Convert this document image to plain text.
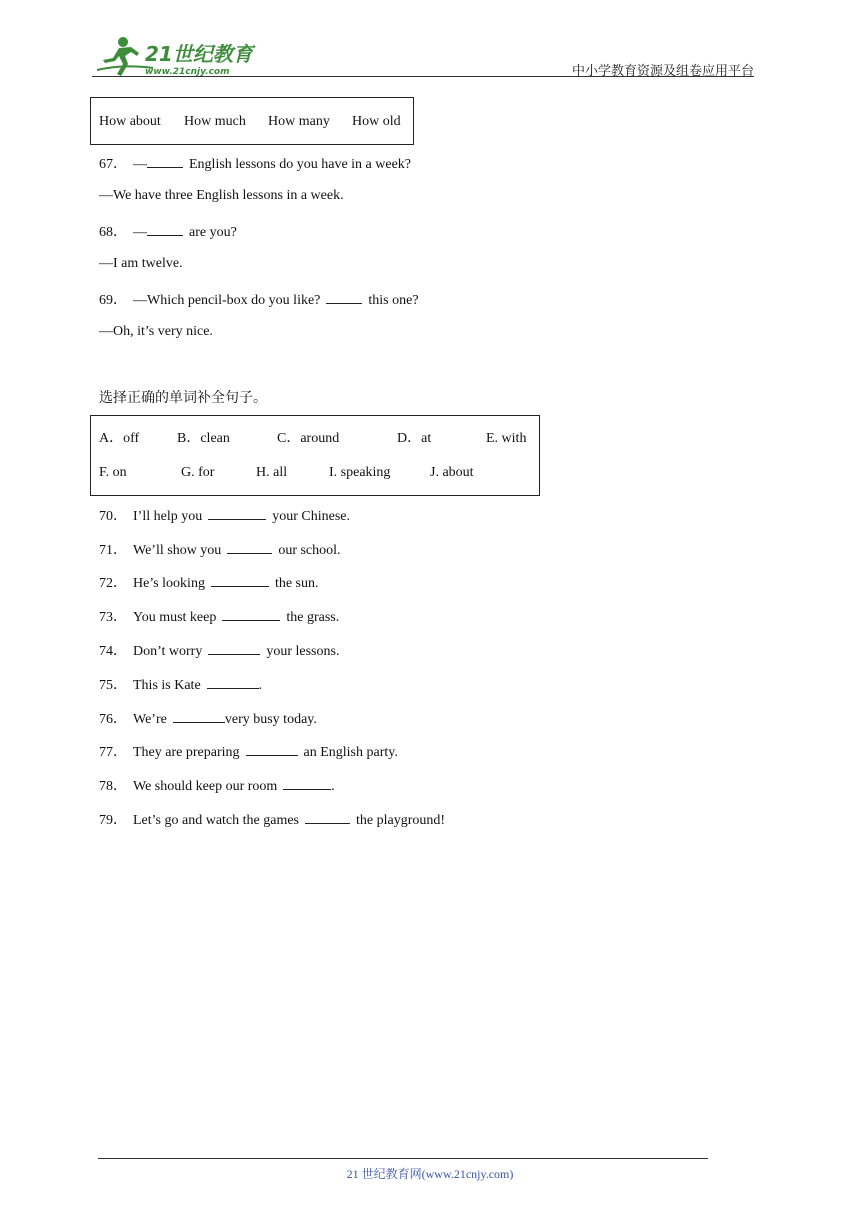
21世纪教育
www.21cnjy.com	中小学教育资源及组卷应用平台
How about How much How many How old
67． —	English lessons do you have in a week?
—We have three English lessons in a week.
68． —	are you?
—I am twelve.
69． —Which pencil-box do you like?	this one?
—Oh, it’s very nice.
选择正确的单词补全句子。
A．off	B．clean	C．around	D．at	E. with
F. on	G. for	H. all	I. speaking	J. about
70． I’ll help you	your Chinese.
71． We’ll show you	our school.
72． He’s looking	the sun.
73． You must keep	the grass.
74． Don’t worry	your lessons.
75． This is Kate	.
76． We’re	very busy today.
77． They are preparing	an English party.
78． We should keep our room	.
79． Let’s go and watch the games	the playground!
21 世纪教育网(www.21cnjy.com)
